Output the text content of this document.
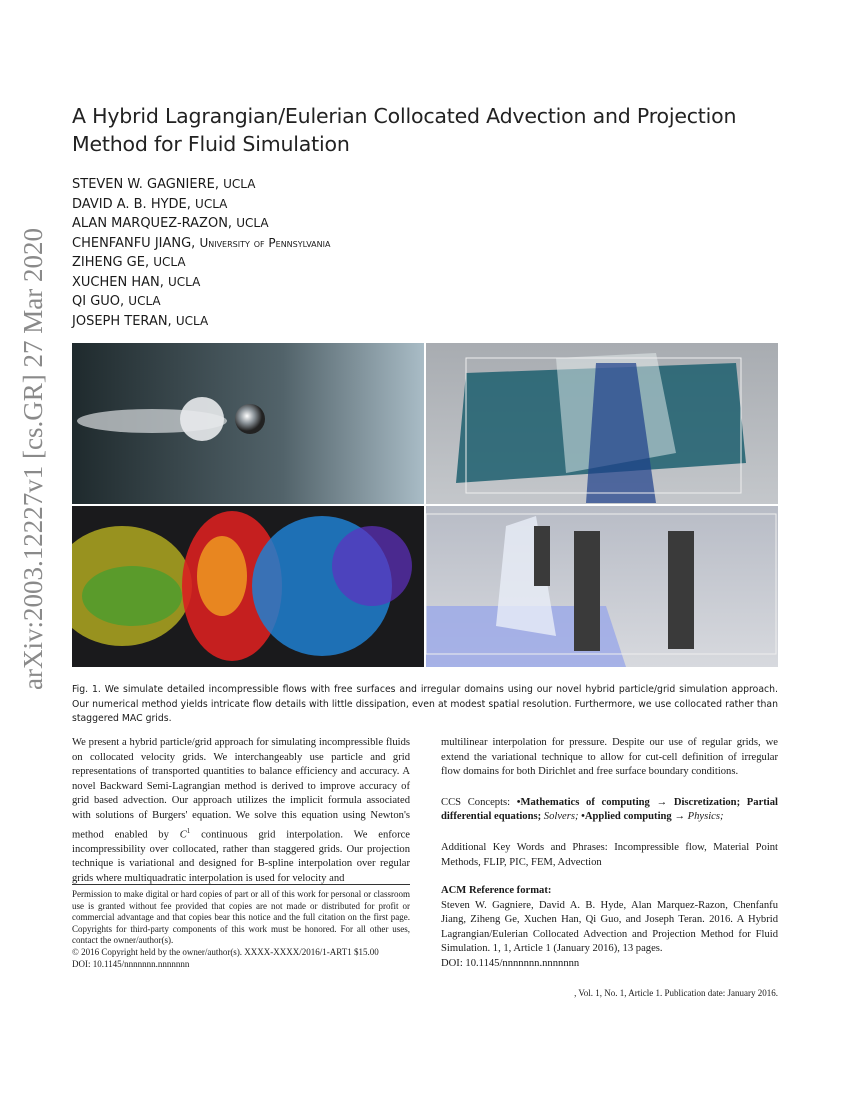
arXiv:2003.12227v1 [cs.GR] 27 Mar 2020
A Hybrid Lagrangian/Eulerian Collocated Advection and Projection Method for Fluid Simulation
STEVEN W. GAGNIERE, UCLA
DAVID A. B. HYDE, UCLA
ALAN MARQUEZ-RAZON, UCLA
CHENFANFU JIANG, University of Pennsylvania
ZIHENG GE, UCLA
XUCHEN HAN, UCLA
QI GUO, UCLA
JOSEPH TERAN, UCLA
Fig. 1. We simulate detailed incompressible flows with free surfaces and irregular domains using our novel hybrid particle/grid simulation approach. Our numerical method yields intricate flow details with little dissipation, even at modest spatial resolution. Furthermore, we use collocated rather than staggered MAC grids.
We present a hybrid particle/grid approach for simulating incompressible fluids on collocated velocity grids. We interchangeably use particle and grid representations of transported quantities to balance efficiency and accuracy. A novel Backward Semi-Lagrangian method is derived to improve accuracy of grid based advection. Our approach utilizes the implicit formula associated with solutions of Burgers' equation. We solve this equation using Newton's method enabled by $C^1$ continuous grid interpolation. We enforce incompressibility over collocated, rather than staggered grids. Our projection technique is variational and designed for B-spline interpolation over regular grids where multiquadratic interpolation is used for velocity and

multilinear interpolation for pressure. Despite our use of regular grids, we extend the variational technique to allow for cut-cell definition of irregular flow domains for both Dirichlet and free surface boundary conditions.

CCS Concepts: •Mathematics of computing → Discretization; Partial differential equations; Solvers; •Applied computing → Physics;

Additional Key Words and Phrases: Incompressible flow, Material Point Methods, FLIP, PIC, FEM, Advection

Permission to make digital or hard copies of part or all of this work for personal or classroom use is granted without fee provided that copies are not made or distributed for profit or commercial advantage and that copies bear this notice and the full citation on the first page. Copyrights for third-party components of this work must be honored. For all other uses, contact the owner/author(s).
© 2016 Copyright held by the owner/author(s). XXXX-XXXX/2016/1-ART1 $15.00
DOI: 10.1145/nnnnnnn.nnnnnnn
ACM Reference format:
Steven W. Gagniere, David A. B. Hyde, Alan Marquez-Razon, Chenfanfu Jiang, Ziheng Ge, Xuchen Han, Qi Guo, and Joseph Teran. 2016. A Hybrid Lagrangian/Eulerian Collocated Advection and Projection Method for Fluid Simulation. 1, 1, Article 1 (January 2016), 13 pages.
DOI: 10.1145/nnnnnnn.nnnnnnn
, Vol. 1, No. 1, Article 1. Publication date: January 2016.
